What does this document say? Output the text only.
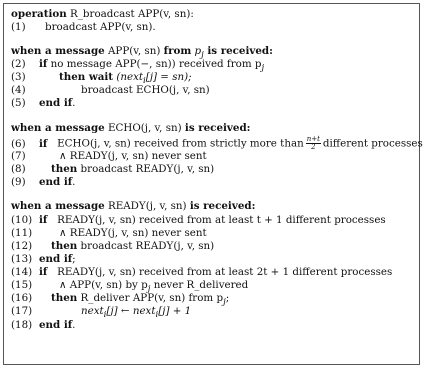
operation R_broadcast APP(v, sn):
(1) broadcast APP(v, sn).
when a message APP(v, sn) from $p_j$ is received:
(2) if no message APP(−, sn)) received from $p_j$
(3)	then wait (next$_i$[j] = sn);
(4)	broadcast ECHO(j, v, sn)
(5) end if.
when a message ECHO(j, v, sn) is received:
(6) if   ECHO(j, v, sn) received from strictly more than $\frac{n+t}{2}$ different processes
(7)	∧ READY(j, v, sn) never sent
(8) then broadcast READY(j, v, sn)
(9) end if.
when a message READY(j, v, sn) is received:
(10) if   READY(j, v, sn) received from at least t + 1 different processes
(11)	∧ READY(j, v, sn) never sent
(12) then broadcast READY(j, v, sn)
(13) end if;
(14) if   READY(j, v, sn) received from at least 2t + 1 different processes
(15)	∧ APP(v, sn) by $p_j$ never R_delivered
(16) then R_deliver APP(v, sn) from $p_j$;
(17)	next$_i$[j] ← next$_i$[j] + 1
(18) end if.
